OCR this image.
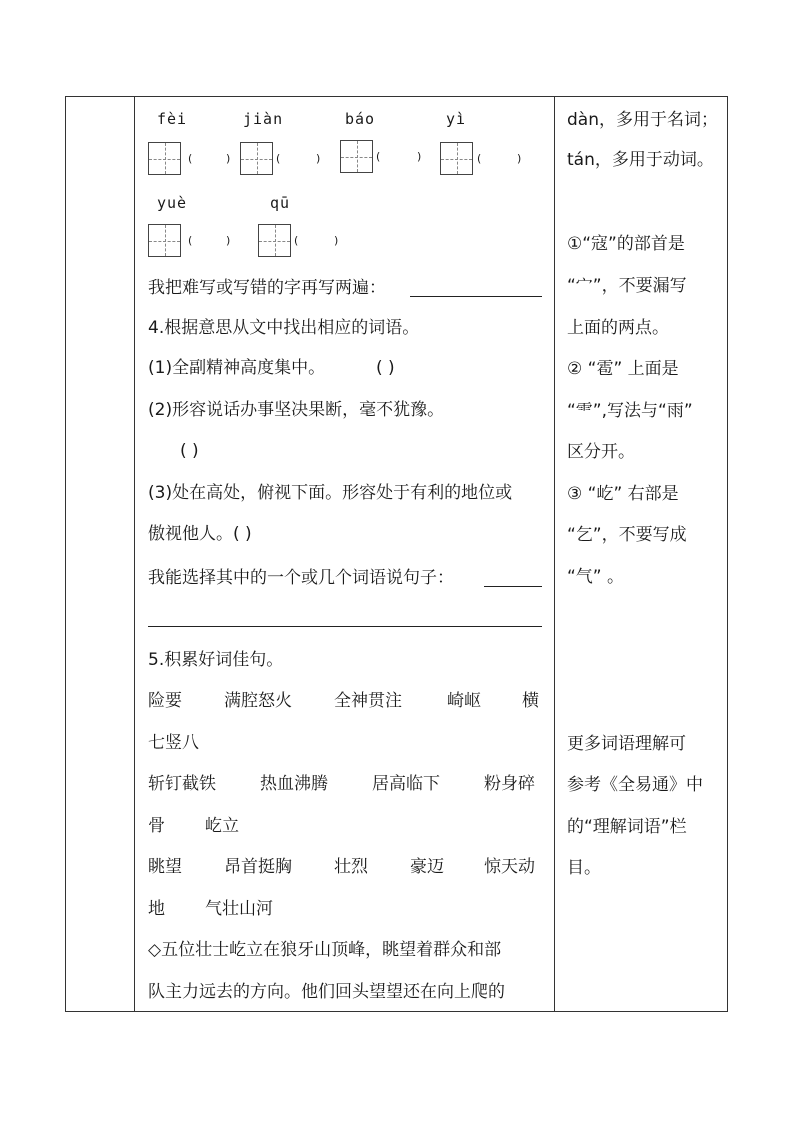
fèi	jiàn	báo	yì
(	)	(	)	(	)	(	)
yuè	qū
(	)	(	)
我把难写或写错的字再写两遍：
4.根据意思从文中找出相应的词语。
(1)全副精神高度集中。	( )
(2)形容说话办事坚决果断，毫不犹豫。
( )
(3)处在高处，俯视下面。形容处于有利的地位或
傲视他人。( )
我能选择其中的一个或几个词语说句子：
5.积累好词佳句。
险要 满腔怒火 全神贯注	崎岖 横
七竖八
斩钉截铁	热血沸腾	居高临下	粉身碎
骨 屹立
眺望 昂首挺胸 壮烈 豪迈 惊天动
地 气壮山河
◇五位壮士屹立在狼牙山顶峰，眺望着群众和部
队主力远去的方向。他们回头望望还在向上爬的
dàn，多用于名词；
tán，多用于动词。
①“寇”的部首是
“宀”，不要漏写
上面的两点。
② “雹” 上面是
“⻗”,写法与“雨”
区分开。
③ “屹” 右部是
“乞”，不要写成
“气” 。
更多词语理解可
参考《全易通》中
的“理解词语”栏
目。
